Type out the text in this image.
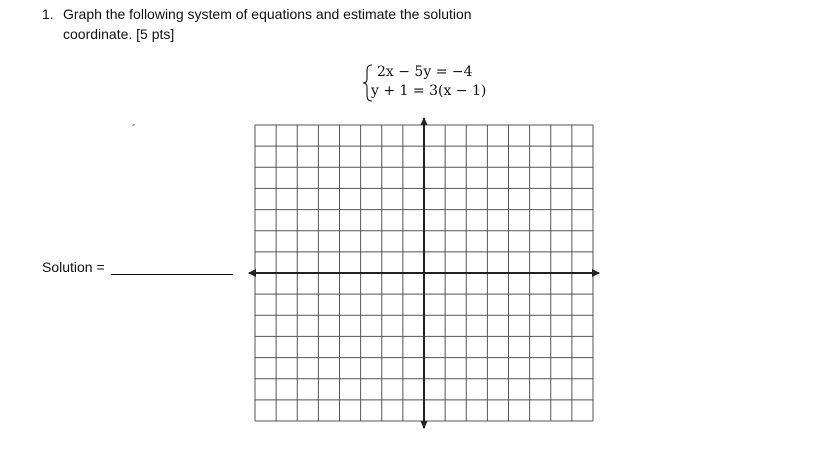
1. Graph the following system of equations and estimate the solution
coordinate. [5 pts]
2x − 5y = −4
y + 1 = 3(x − 1)
´
Solution =
